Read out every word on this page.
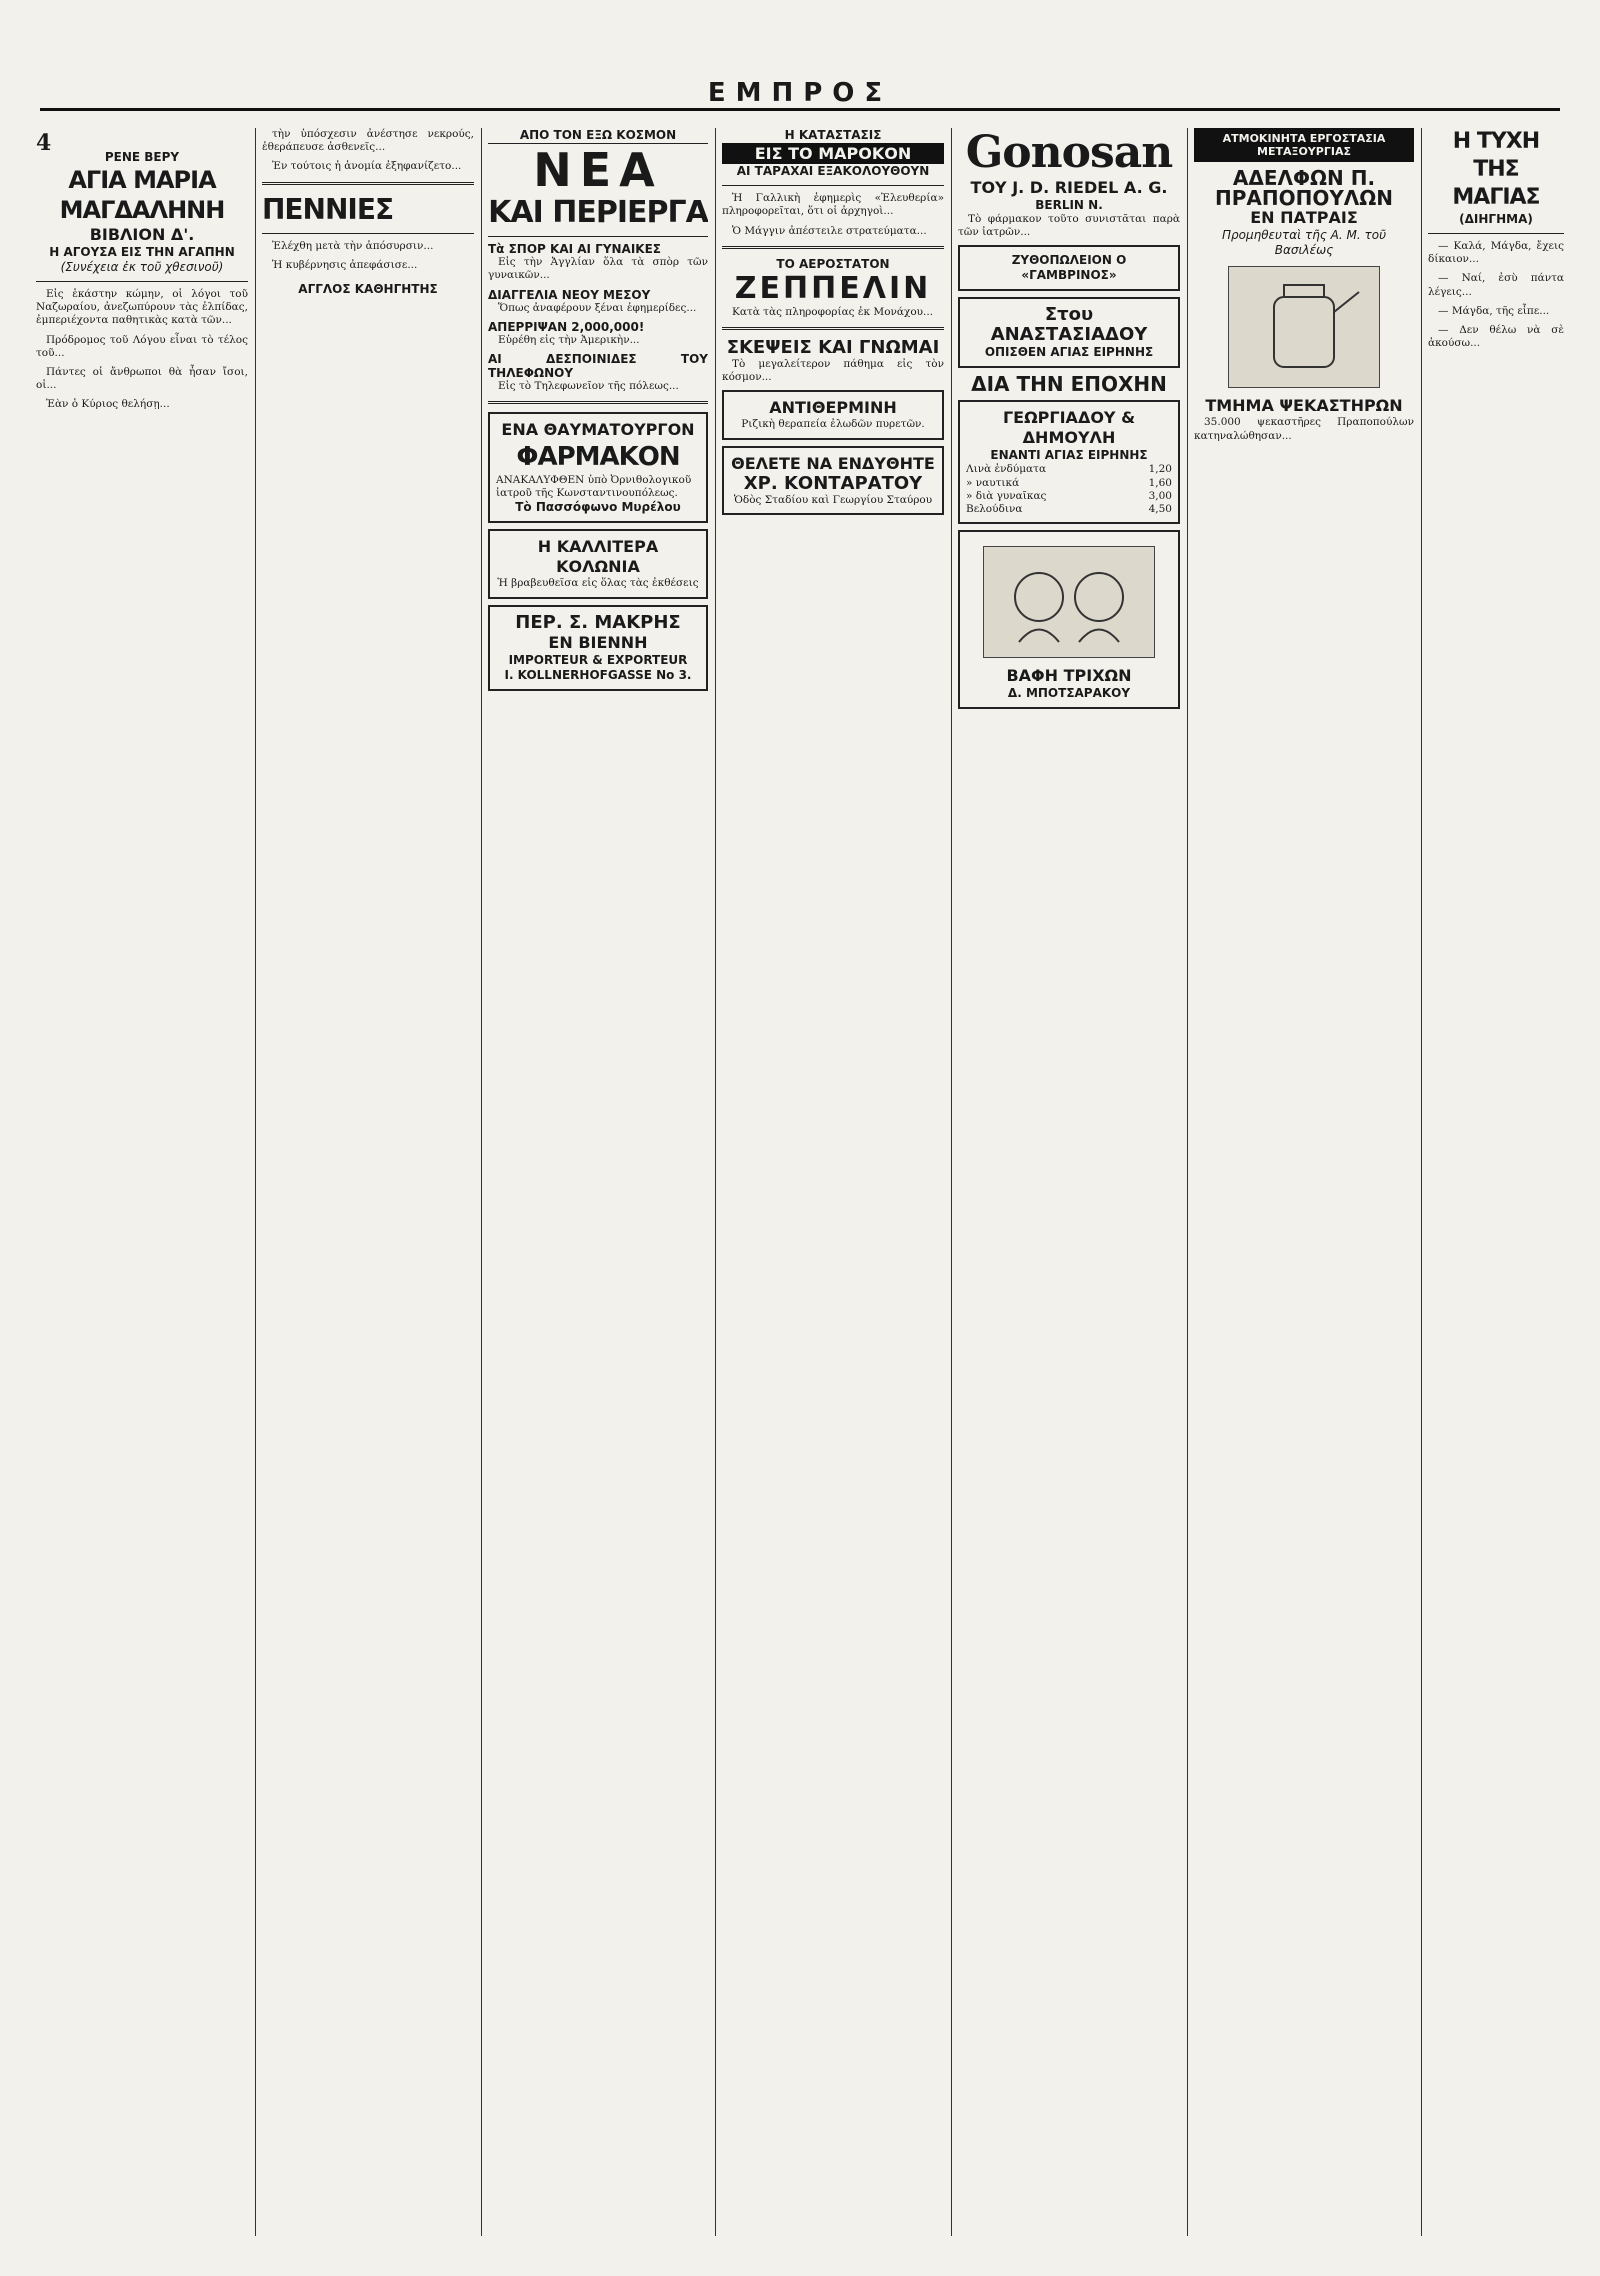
ΕΜΠΡΟΣ
4
ΡΕΝΕ ΒΕΡΥ
ΑΓΙΑ ΜΑΡΙΑ ΜΑΓΔΑΛΗΝΗ
ΒΙΒΛΙΟΝ Δ'.
Η ΑΓΟΥΣΑ ΕΙΣ ΤΗΝ ΑΓΑΠΗΝ
(Συνέχεια ἐκ τοῦ χθεσινοῦ)

Εἰς ἑκάστην κώμην, οἱ λόγοι τοῦ Ναζωραίου, ἀνεζωπύρουν τὰς ἐλπίδας, ἐμπεριέχοντα παθητικὰς κατὰ τῶν...

Πρόδρομος τοῦ Λόγου εἶναι τὸ τέλος τοῦ...

Πάντες οἱ ἄνθρωποι θὰ ἦσαν ἴσοι, οἱ...

Ἐὰν ὁ Κύριος θελήσῃ...

τὴν ὑπόσχεσιν ἀνέστησε νεκρούς, ἐθεράπευσε ἀσθενεῖς...

Ἐν τούτοις ἡ ἀνομία ἐξηφανίζετο...

ΠΕΝΝΙΕΣ

Ἐλέχθη μετὰ τὴν ἀπόσυρσιν...

Ἡ κυβέρνησις ἀπεφάσισε...

ΑΓΓΛΟΣ ΚΑΘΗΓΗΤΗΣ
ΑΠΟ ΤΟΝ ΕΞΩ ΚΟΣΜΟΝ
ΝΕΑ
ΚΑΙ ΠΕΡΙΕΡΓΑ
Τὰ ΣΠΟΡ ΚΑΙ ΑΙ ΓΥΝΑΙΚΕΣ

Εἰς τὴν Ἀγγλίαν ὅλα τὰ σπὸρ τῶν γυναικῶν...

ΔΙΑΓΓΕΛΙΑ ΝΕΟΥ ΜΕΣΟΥ

Ὅπως ἀναφέρουν ξέναι ἐφημερίδες...

ΑΠΕΡΡΙΨΑΝ 2,000,000!

Εὑρέθη εἰς τὴν Ἀμερικὴν...

ΑΙ ΔΕΣΠΟΙΝΙΔΕΣ ΤΟΥ ΤΗΛΕΦΩΝΟΥ

Εἰς τὸ Τηλεφωνεῖον τῆς πόλεως...

ΕΝΑ ΘΑΥΜΑΤΟΥΡΓΟΝ
ΦΑΡΜΑΚΟΝ
ΑΝΑΚΑΛΥΦΘΕΝ ὑπὸ Ὀρνιθολογικοῦ ἰατροῦ τῆς Κωνσταντινουπόλεως.
Τὸ Πασσόφωνο Μυρέλου
Η ΚΑΛΛΙΤΕΡΑ ΚΟΛΩΝΙΑ
Ἡ βραβευθεῖσα εἰς ὅλας τὰς ἐκθέσεις
ΠΕΡ. Σ. ΜΑΚΡΗΣ
ΕΝ ΒΙΕΝΝΗ
IMPORTEUR & EXPORTEUR
I. KOLLNERHOFGASSE Nο 3.
Η ΚΑΤΑΣΤΑΣΙΣ
ΕΙΣ ΤΟ ΜΑΡΟΚΟΝ
ΑΙ ΤΑΡΑΧΑΙ ΕΞΑΚΟΛΟΥΘΟΥΝ

Ἡ Γαλλικὴ ἐφημερὶς «Ἐλευθερία» πληροφορεῖται, ὅτι οἱ ἀρχηγοὶ...

Ὁ Μάγγιν ἀπέστειλε στρατεύματα...

ΤΟ ΑΕΡΟΣΤΑΤΟΝ
ΖΕΠΠΕΛΙΝ

Κατὰ τὰς πληροφορίας ἐκ Μονάχου...

ΣΚΕΨΕΙΣ ΚΑΙ ΓΝΩΜΑΙ

Τὸ μεγαλείτερον πάθημα εἰς τὸν κόσμον...

ΑΝΤΙΘΕΡΜΙΝΗ
Ριζικὴ θεραπεία ἐλωδῶν πυρετῶν.
ΘΕΛΕΤΕ ΝΑ ΕΝΔΥΘΗΤΕ
ΧΡ. ΚΟΝΤΑΡΑΤΟΥ
Ὁδὸς Σταδίου καὶ Γεωργίου Σταύρου
Gonosan
ΤΟΥ J. D. RIEDEL A. G.
BERLIN N.

Τὸ φάρμακον τοῦτο συνιστᾶται παρὰ τῶν ἰατρῶν...

ΖΥΘΟΠΩΛΕΙΟΝ Ο «ΓΑΜΒΡΙΝΟΣ»
Στου ΑΝΑΣΤΑΣΙΑΔΟΥ
ΟΠΙΣΘΕΝ ΑΓΙΑΣ ΕΙΡΗΝΗΣ
ΔΙΑ ΤΗΝ ΕΠΟΧΗΝ
ΓΕΩΡΓΙΑΔΟΥ & ΔΗΜΟΥΛΗ
ΕΝΑΝΤΙ ΑΓΙΑΣ ΕΙΡΗΝΗΣ
Λινὰ ἐνδύματα	1,20
» ναυτικά	1,60
» διὰ γυναῖκας	3,00
Βελούδινα	4,50
ΒΑΦΗ ΤΡΙΧΩΝ
Δ. ΜΠΟΤΣΑΡΑΚΟΥ
ΑΤΜΟΚΙΝΗΤΑ ΕΡΓΟΣΤΑΣΙΑ ΜΕΤΑΞΟΥΡΓΙΑΣ
ΑΔΕΛΦΩΝ Π. ΠΡΑΠΟΠΟΥΛΩΝ
ΕΝ ΠΑΤΡΑΙΣ
Προμηθευταὶ τῆς Α. Μ. τοῦ Βασιλέως
ΤΜΗΜΑ ΨΕΚΑΣΤΗΡΩΝ

35.000 ψεκαστῆρες Πραποπούλων κατηναλώθησαν...

Η ΤΥΧΗ ΤΗΣ ΜΑΓΙΑΣ
(ΔΙΗΓΗΜΑ)

— Καλά, Μάγδα, ἔχεις δίκαιον...

— Ναί, ἐσὺ πάντα λέγεις...

— Μάγδα, τῆς εἶπε...

— Δεν θέλω νὰ σὲ ἀκούσω...
